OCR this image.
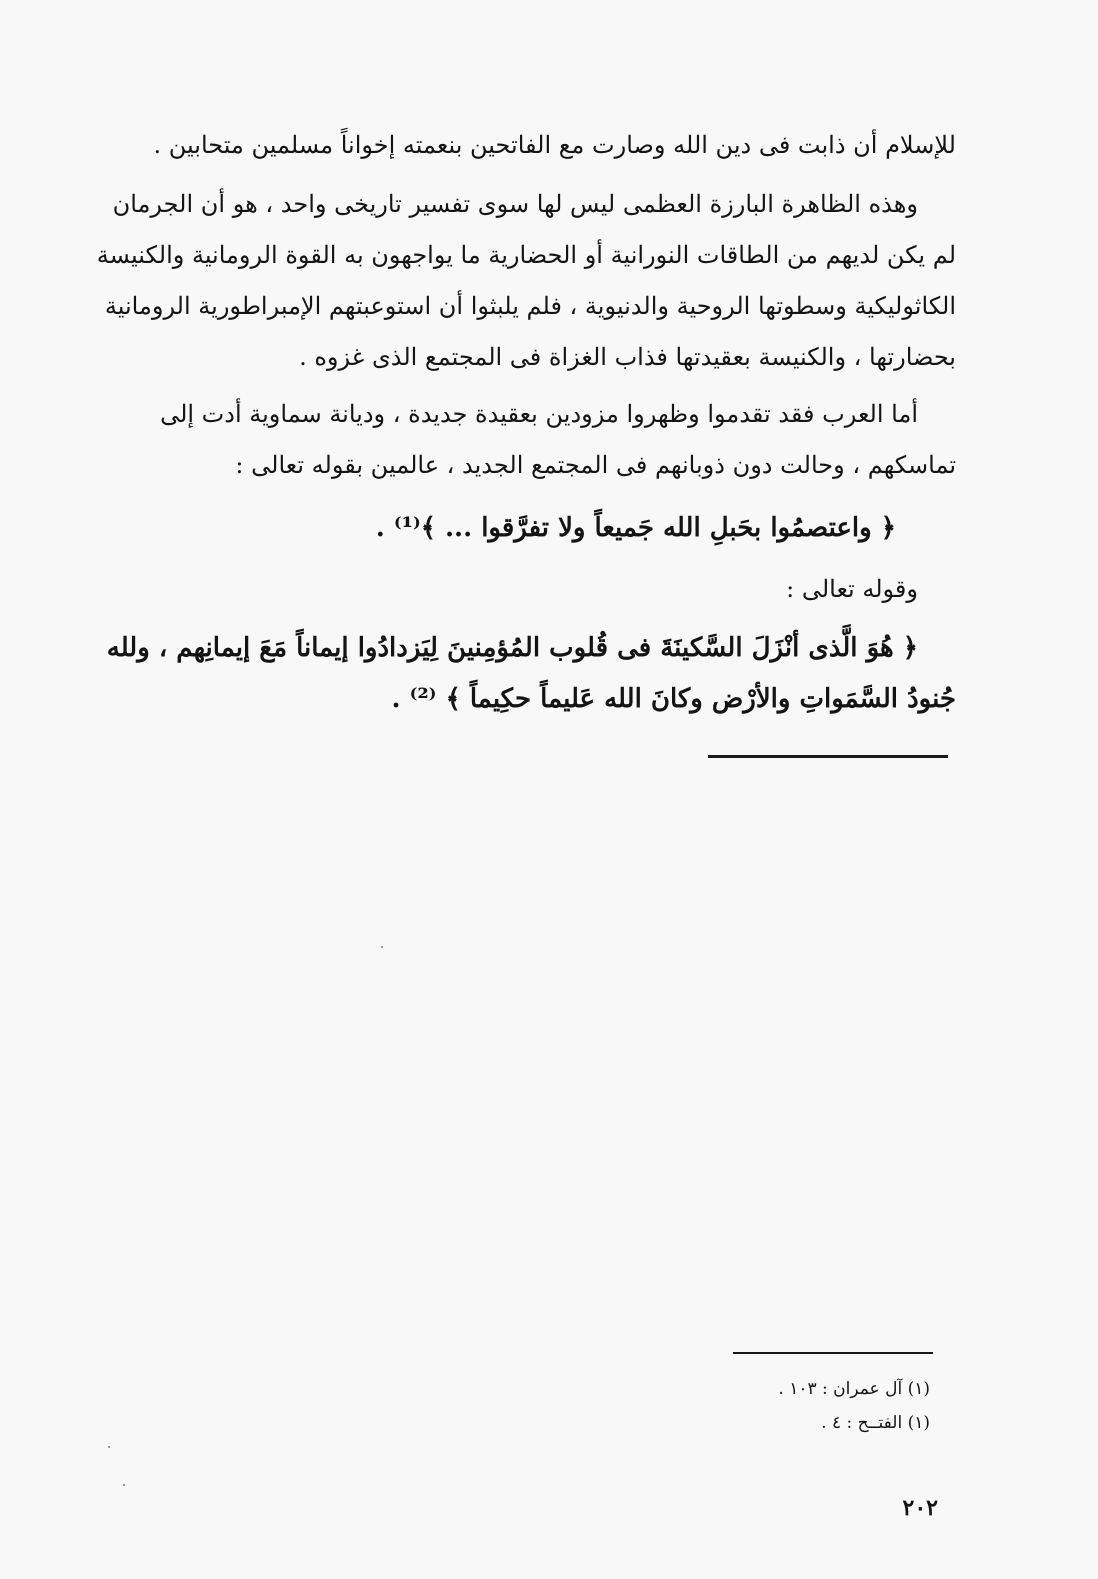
للإسلام أن ذابت فى دين الله وصارت مع الفاتحين بنعمته إخواناً مسلمين متحابين .
وهذه الظاهرة البارزة العظمى ليس لها سوى تفسير تاريخى واحد ، هو أن الجرمان
لم يكن لديهم من الطاقات النورانية أو الحضارية ما يواجهون به القوة الرومانية والكنيسة
الكاثوليكية وسطوتها الروحية والدنيوية ، فلم يلبثوا أن استوعبتهم الإمبراطورية الرومانية
بحضارتها ، والكنيسة بعقيدتها فذاب الغزاة فى المجتمع الذى غزوه .
أما العرب فقد تقدموا وظهروا مزودين بعقيدة جديدة ، وديانة سماوية أدت إلى
تماسكهم ، وحالت دون ذوبانهم فى المجتمع الجديد ، عالمين بقوله تعالى :
﴿ واعتصمُوا بحَبلِ الله جَميعاً ولا تفرَّقوا ... ﴾⁽¹⁾ .
وقوله تعالى :
﴿ هُوَ الَّذى أنْزَلَ السَّكينَةَ فى قُلوب المُؤمِنينَ لِيَزدادُوا إيماناً مَعَ إيمانِهم ، ولله
جُنودُ السَّمَواتِ والأرْض وكانَ الله عَليماً حكِيماً ﴾ ⁽²⁾ .
(١) آل عمران : ١٠٣ .
(١) الفتــح : ٤ .
٢٠٢
